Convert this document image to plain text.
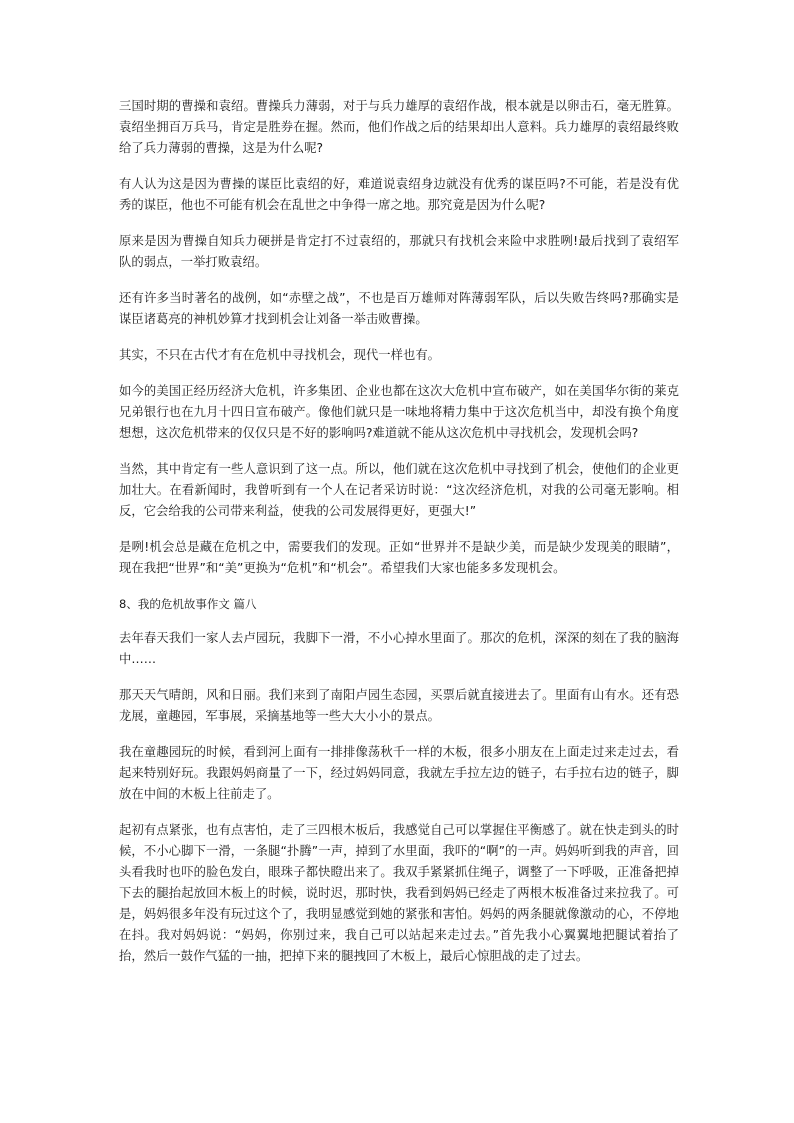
三国时期的曹操和袁绍。曹操兵力薄弱，对于与兵力雄厚的袁绍作战，根本就是以卵击石，毫无胜算。袁绍坐拥百万兵马，肯定是胜券在握。然而，他们作战之后的结果却出人意料。兵力雄厚的袁绍最终败给了兵力薄弱的曹操，这是为什么呢?

有人认为这是因为曹操的谋臣比袁绍的好，难道说袁绍身边就没有优秀的谋臣吗?不可能，若是没有优秀的谋臣，他也不可能有机会在乱世之中争得一席之地。那究竟是因为什么呢?

原来是因为曹操自知兵力硬拼是肯定打不过袁绍的，那就只有找机会来险中求胜咧!最后找到了袁绍军队的弱点，一举打败袁绍。

还有许多当时著名的战例，如“赤壁之战”，不也是百万雄师对阵薄弱军队，后以失败告终吗?那确实是谋臣诸葛亮的神机妙算才找到机会让刘备一举击败曹操。

其实，不只在古代才有在危机中寻找机会，现代一样也有。

如今的美国正经历经济大危机，许多集团、企业也都在这次大危机中宣布破产，如在美国华尔街的莱克兄弟银行也在九月十四日宣布破产。像他们就只是一味地将精力集中于这次危机当中，却没有换个角度想想，这次危机带来的仅仅只是不好的影响吗?难道就不能从这次危机中寻找机会，发现机会吗?

当然，其中肯定有一些人意识到了这一点。所以，他们就在这次危机中寻找到了机会，使他们的企业更加壮大。在看新闻时，我曾听到有一个人在记者采访时说：“这次经济危机，对我的公司毫无影响。相反，它会给我的公司带来利益，使我的公司发展得更好，更强大!”

是咧!机会总是藏在危机之中，需要我们的发现。正如“世界并不是缺少美，而是缺少发现美的眼睛”，现在我把“世界”和“美”更换为“危机”和“机会”。希望我们大家也能多多发现机会。

8、我的危机故事作文 篇八

去年春天我们一家人去卢园玩，我脚下一滑，不小心掉水里面了。那次的危机，深深的刻在了我的脑海中……

那天天气晴朗，风和日丽。我们来到了南阳卢园生态园，买票后就直接进去了。里面有山有水。还有恐龙展，童趣园，军事展，采摘基地等一些大大小小的景点。

我在童趣园玩的时候，看到河上面有一排排像荡秋千一样的木板，很多小朋友在上面走过来走过去，看起来特别好玩。我跟妈妈商量了一下，经过妈妈同意，我就左手拉左边的链子，右手拉右边的链子，脚放在中间的木板上往前走了。

起初有点紧张，也有点害怕，走了三四根木板后，我感觉自己可以掌握住平衡感了。就在快走到头的时候，不小心脚下一滑，一条腿“扑腾”一声，掉到了水里面，我吓的“啊”的一声。妈妈听到我的声音，回头看我时也吓的脸色发白，眼珠子都快瞪出来了。我双手紧紧抓住绳子，调整了一下呼吸，正准备把掉下去的腿抬起放回木板上的时候，说时迟，那时快，我看到妈妈已经走了两根木板准备过来拉我了。可是，妈妈很多年没有玩过这个了，我明显感觉到她的紧张和害怕。妈妈的两条腿就像激动的心，不停地在抖。我对妈妈说：“妈妈，你别过来，我自己可以站起来走过去。”首先我小心翼翼地把腿试着抬了抬，然后一鼓作气猛的一抽，把掉下来的腿拽回了木板上，最后心惊胆战的走了过去。
